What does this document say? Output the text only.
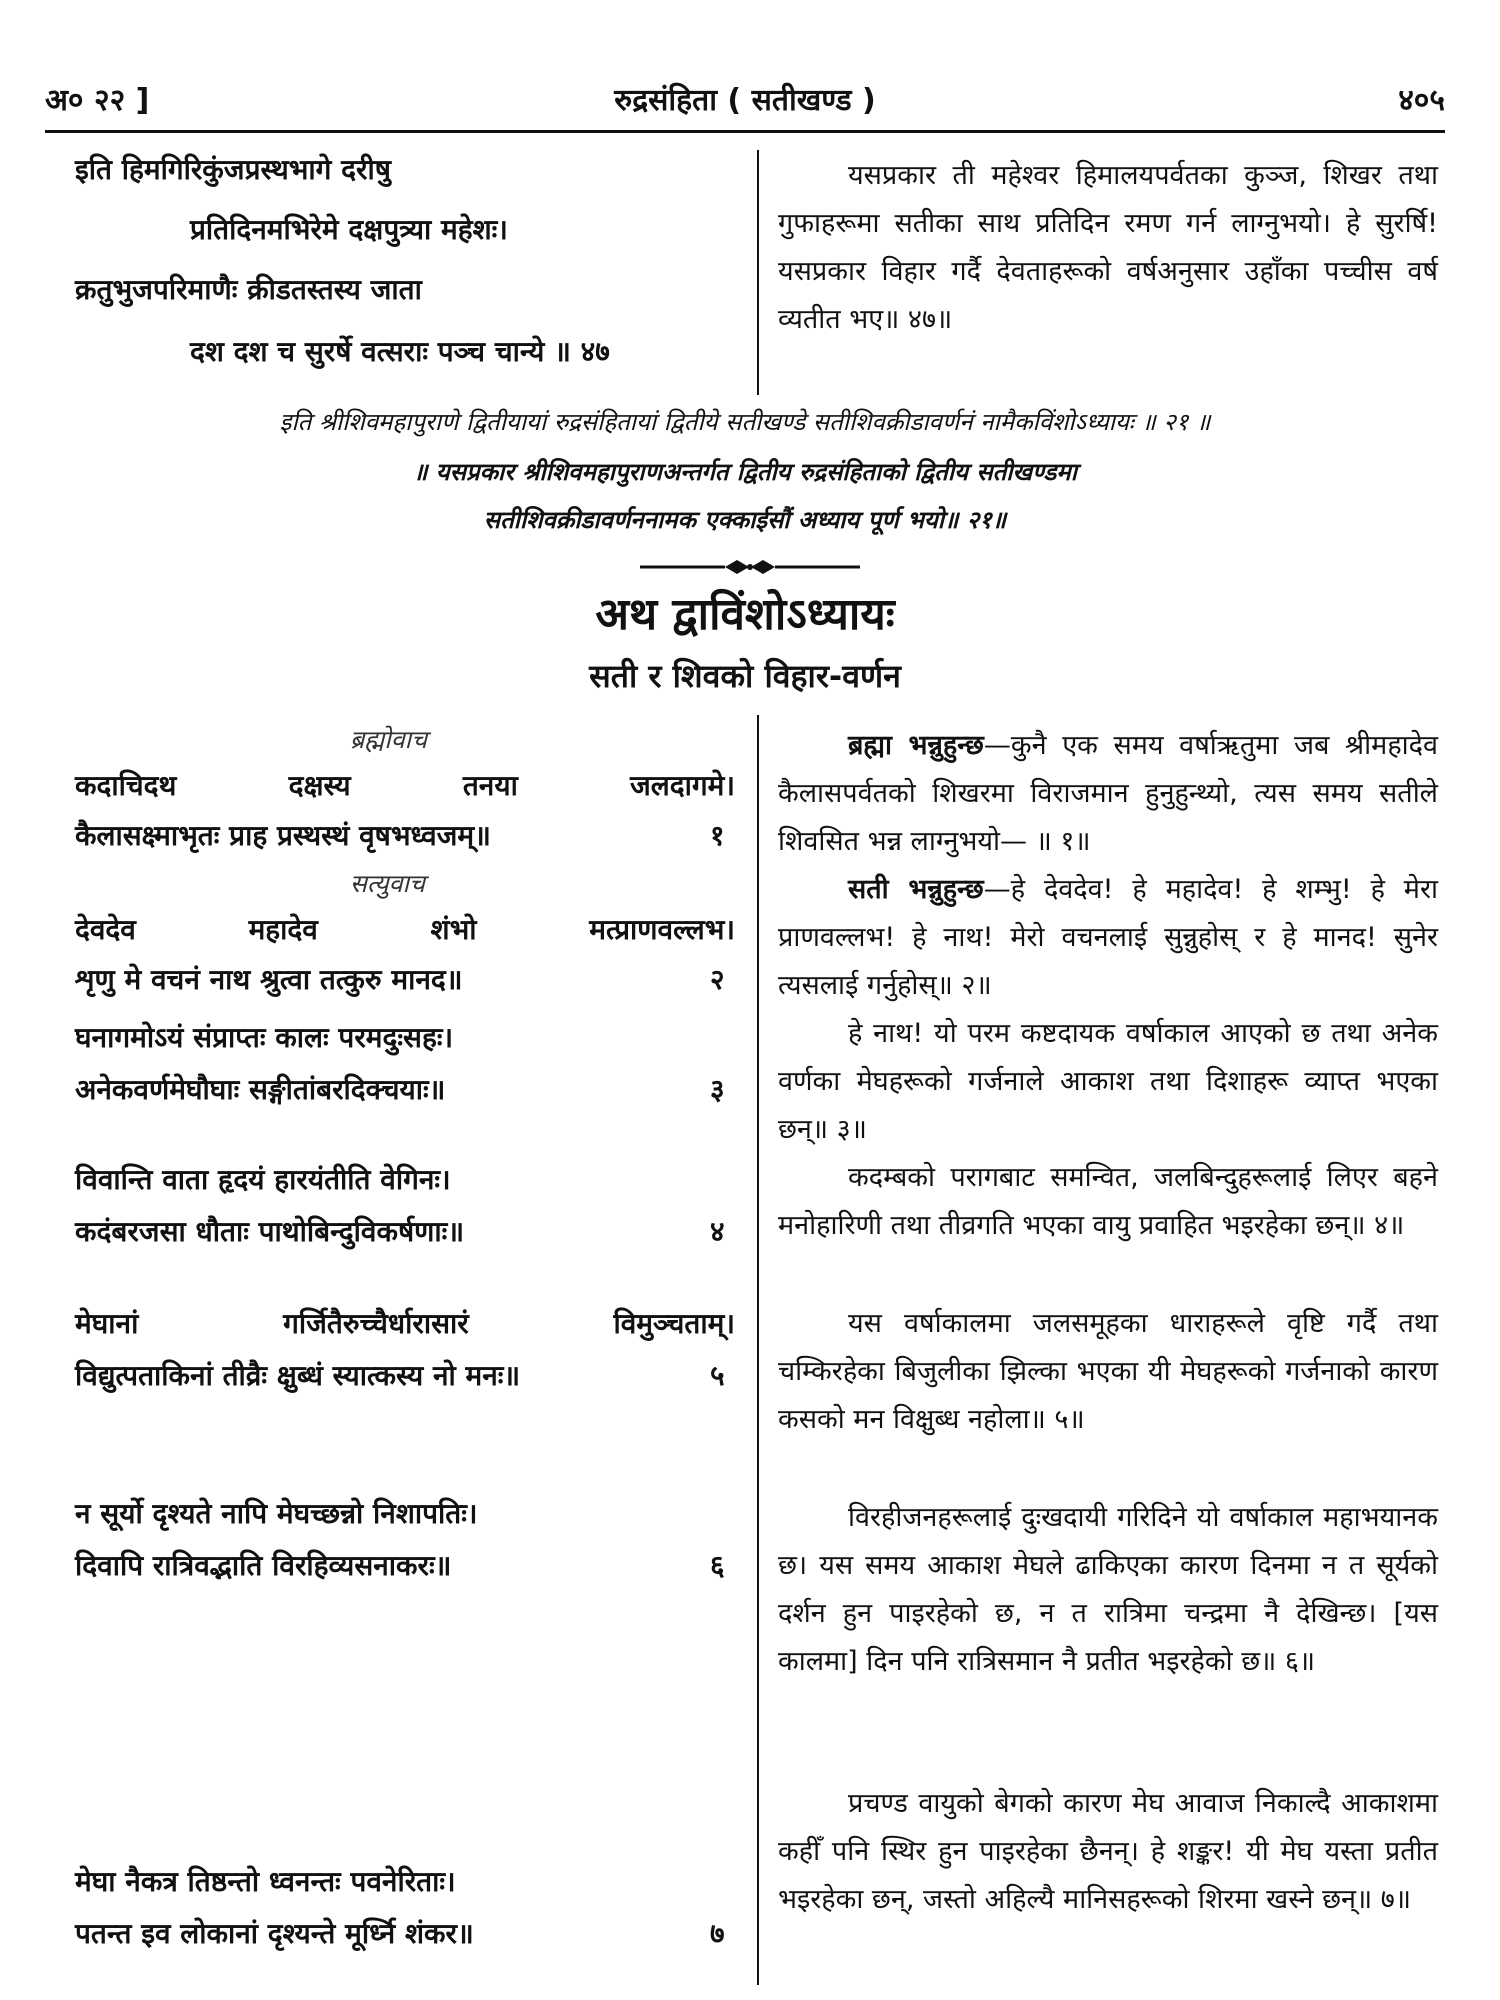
अ० २२ ]	रुद्रसंहिता ( सतीखण्ड )	४०५
इति हिमगिरिकुंजप्रस्थभागे दरीषु
प्रतिदिनमभिरेमे दक्षपुत्र्या महेशः।
क्रतुभुजपरिमाणैः क्रीडतस्तस्य जाता
दश दश च सुरर्षे वत्सराः पञ्च चान्ये ॥ ४७
यसप्रकार ती महेश्वर हिमालयपर्वतका कुञ्ज, शिखर तथा गुफाहरूमा सतीका साथ प्रतिदिन रमण गर्न लाग्नुभयो। हे सुरर्षि! यसप्रकार विहार गर्दै देवताहरूको वर्षअनुसार उहाँका पच्चीस वर्ष व्यतीत भए॥ ४७॥
इति श्रीशिवमहापुराणे द्वितीयायां रुद्रसंहितायां द्वितीये सतीखण्डे सतीशिवक्रीडावर्णनं नामैकविंशोऽध्यायः ॥ २१ ॥
॥ यसप्रकार श्रीशिवमहापुराणअन्तर्गत द्वितीय रुद्रसंहिताको द्वितीय सतीखण्डमा
सतीशिवक्रीडावर्णननामक एक्काईसौं अध्याय पूर्ण भयो॥ २१॥
अथ द्वाविंशोऽध्यायः
सती र शिवको विहार-वर्णन
ब्रह्मोवाच
कदाचिदथ दक्षस्य तनया जलदागमे।
कैलासक्ष्माभृतः प्राह प्रस्थस्थं वृषभध्वजम्॥	१
सत्युवाच
देवदेव महादेव शंभो मत्प्राणवल्लभ।
शृणु मे वचनं नाथ श्रुत्वा तत्कुरु मानद॥	२
घनागमोऽयं संप्राप्तः कालः परमदुःसहः।
अनेकवर्णमेघौघाः सङ्गीतांबरदिक्चयाः॥	३
विवान्ति वाता हृदयं हारयंतीति वेगिनः।
कदंबरजसा धौताः पाथोबिन्दुविकर्षणाः॥	४
मेघानां गर्जितैरुच्चैर्धारासारं विमुञ्चताम्।
विद्युत्पताकिनां तीव्रैः क्षुब्धं स्यात्कस्य नो मनः॥	५
न सूर्यो दृश्यते नापि मेघच्छन्नो निशापतिः।
दिवापि रात्रिवद्भाति विरहिव्यसनाकरः॥	६
मेघा नैकत्र तिष्ठन्तो ध्वनन्तः पवनेरिताः।
पतन्त इव लोकानां दृश्यन्ते मूर्ध्नि शंकर॥	७
ब्रह्मा भन्नुहुन्छ—कुनै एक समय वर्षाऋतुमा जब श्रीमहादेव कैलासपर्वतको शिखरमा विराजमान हुनुहुन्थ्यो, त्यस समय सतीले शिवसित भन्न लाग्नुभयो— ॥ १॥
सती भन्नुहुन्छ—हे देवदेव! हे महादेव! हे शम्भु! हे मेरा प्राणवल्लभ! हे नाथ! मेरो वचनलाई सुन्नुहोस् र हे मानद! सुनेर त्यसलाई गर्नुहोस्॥ २॥
हे नाथ! यो परम कष्टदायक वर्षाकाल आएको छ तथा अनेक वर्णका मेघहरूको गर्जनाले आकाश तथा दिशाहरू व्याप्त भएका छन्॥ ३॥
कदम्बको परागबाट समन्वित, जलबिन्दुहरूलाई लिएर बहने मनोहारिणी तथा तीव्रगति भएका वायु प्रवाहित भइरहेका छन्॥ ४॥
यस वर्षाकालमा जलसमूहका धाराहरूले वृष्टि गर्दै तथा चम्किरहेका बिजुलीका झिल्का भएका यी मेघहरूको गर्जनाको कारण कसको मन विक्षुब्ध नहोला॥ ५॥
विरहीजनहरूलाई दुःखदायी गरिदिने यो वर्षाकाल महाभयानक छ। यस समय आकाश मेघले ढाकिएका कारण दिनमा न त सूर्यको दर्शन हुन पाइरहेको छ, न त रात्रिमा चन्द्रमा नै देखिन्छ। [यस कालमा] दिन पनि रात्रिसमान नै प्रतीत भइरहेको छ॥ ६॥
प्रचण्ड वायुको बेगको कारण मेघ आवाज निकाल्दै आकाशमा कहीँ पनि स्थिर हुन पाइरहेका छैनन्। हे शङ्कर! यी मेघ यस्ता प्रतीत भइरहेका छन्, जस्तो अहिल्यै मानिसहरूको शिरमा खस्ने छन्॥ ७॥
